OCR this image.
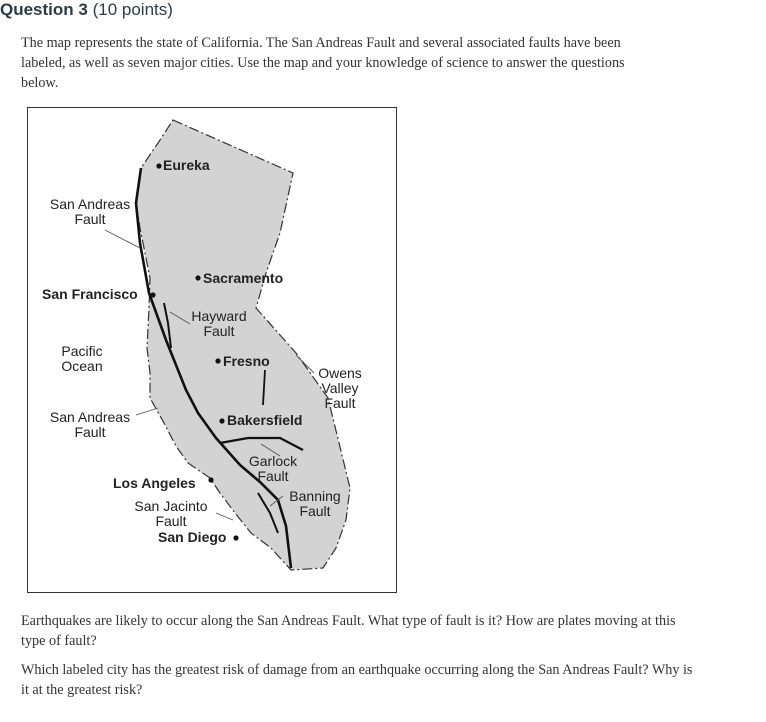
Question 3 (10 points)
The map represents the state of California. The San Andreas Fault and several associated faults have been labeled, as well as seven major cities. Use the map and your knowledge of science to answer the questions below.
Eureka
Sacramento
San Francisco
Fresno
Bakersfield
Los Angeles
San Diego
San Andreas
Fault
Hayward
Fault
Pacific
Ocean	Owens
Valley
Fault
San Andreas
Fault
Garlock
Fault
Banning
Fault
San Jacinto
Fault
Earthquakes are likely to occur along the San Andreas Fault. What type of fault is it? How are plates moving at this type of fault?
Which labeled city has the greatest risk of damage from an earthquake occurring along the San Andreas Fault? Why is it at the greatest risk?
